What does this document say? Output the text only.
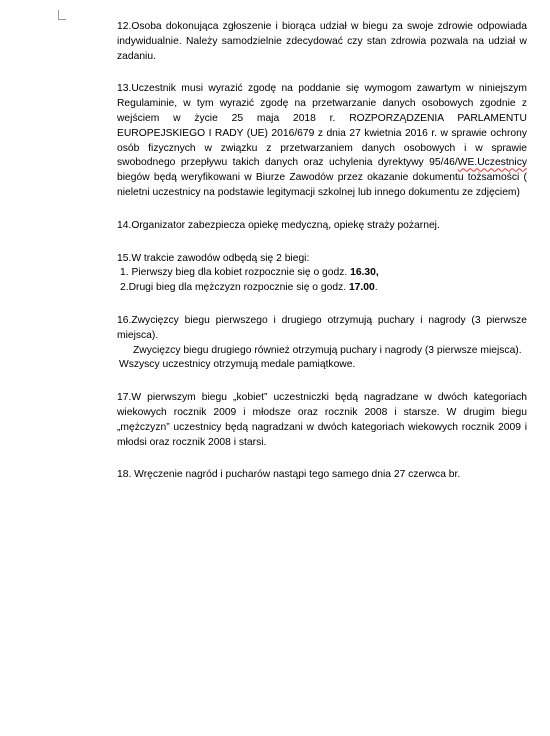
12.Osoba dokonująca zgłoszenie i biorąca udział w biegu za swoje zdrowie odpowiada indywidualnie. Należy samodzielnie zdecydować czy stan zdrowia pozwala na udział w zadaniu.

13.Uczestnik musi wyrazić zgodę na poddanie się wymogom zawartym w niniejszym Regulaminie, w tym wyrazić zgodę na przetwarzanie danych osobowych zgodnie z wejściem w życie 25 maja 2018 r. ROZPORZĄDZENIA PARLAMENTU EUROPEJSKIEGO I RADY (UE) 2016/679 z dnia 27 kwietnia 2016 r. w sprawie ochrony osób fizycznych w związku z przetwarzaniem danych osobowych i w sprawie swobodnego przepływu takich danych oraz uchylenia dyrektywy 95/46/WE.Uczestnicy biegów będą weryfikowani w Biurze Zawodów przez okazanie dokumentu tożsamości ( nieletni uczestnicy na podstawie legitymacji szkolnej lub innego dokumentu ze zdjęciem)

14.Organizator zabezpiecza opiekę medyczną, opiekę straży pożarnej.

15.W trakcie zawodów odbędą się 2 biegi:
1. Pierwszy bieg dla kobiet rozpocznie się o godz. 16.30,
2.Drugi bieg dla mężczyzn rozpocznie się o godz. 17.00.
16.Zwycięzcy biegu pierwszego i drugiego otrzymują puchary i nagrody (3 pierwsze miejsca).
Zwycięzcy biegu drugiego również otrzymują puchary i nagrody (3 pierwsze miejsca).
Wszyscy uczestnicy otrzymują medale pamiątkowe.

17.W pierwszym biegu „kobiet” uczestniczki będą nagradzane w dwóch kategoriach wiekowych rocznik 2009 i młodsze oraz rocznik 2008 i starsze. W drugim biegu „mężczyzn” uczestnicy będą nagradzani w dwóch kategoriach wiekowych rocznik 2009 i młodsi oraz rocznik 2008 i starsi.

18. Wręczenie nagród i pucharów nastąpi tego samego dnia 27 czerwca br.
